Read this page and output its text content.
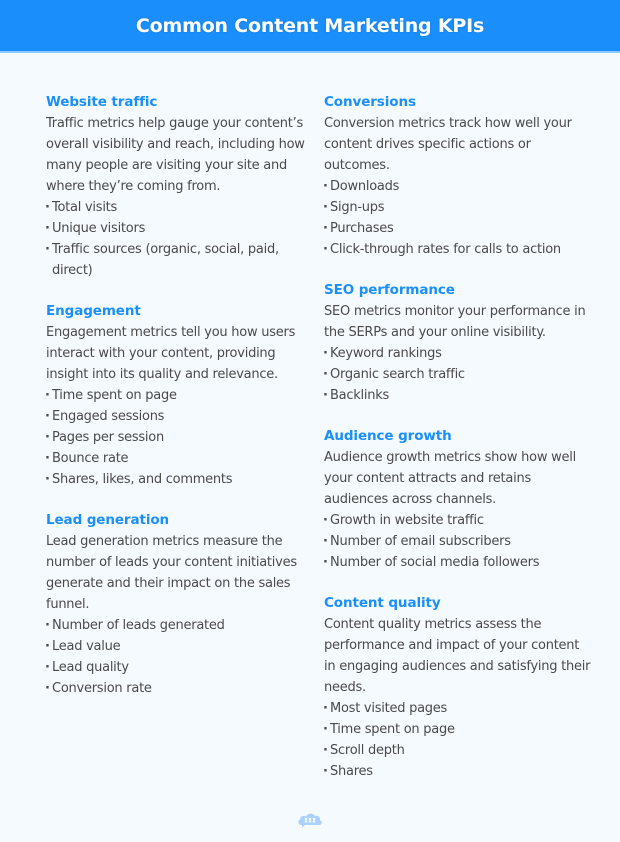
Common Content Marketing KPIs
Website traffic

Traffic metrics help gauge your content’s overall visibility and reach, including how many people are visiting your site and where they’re coming from.

· Total visits
· Unique visitors
· Traffic sources (organic, social, paid, direct)
Engagement

Engagement metrics tell you how users interact with your content, providing insight into its quality and relevance.

· Time spent on page
· Engaged sessions
· Pages per session
· Bounce rate
· Shares, likes, and comments
Lead generation

Lead generation metrics measure the number of leads your content initiatives generate and their impact on the sales funnel.

· Number of leads generated
· Lead value
· Lead quality
· Conversion rate
Conversions

Conversion metrics track how well your content drives specific actions or outcomes.

· Downloads
· Sign-ups
· Purchases
· Click-through rates for calls to action
SEO performance

SEO metrics monitor your performance in the SERPs and your online visibility.

· Keyword rankings
· Organic search traffic
· Backlinks
Audience growth

Audience growth metrics show how well your content attracts and retains audiences across channels.

· Growth in website traffic
· Number of email subscribers
· Number of social media followers
Content quality

Content quality metrics assess the performance and impact of your content in engaging audiences and satisfying their needs.

· Most visited pages
· Time spent on page
· Scroll depth
· Shares
